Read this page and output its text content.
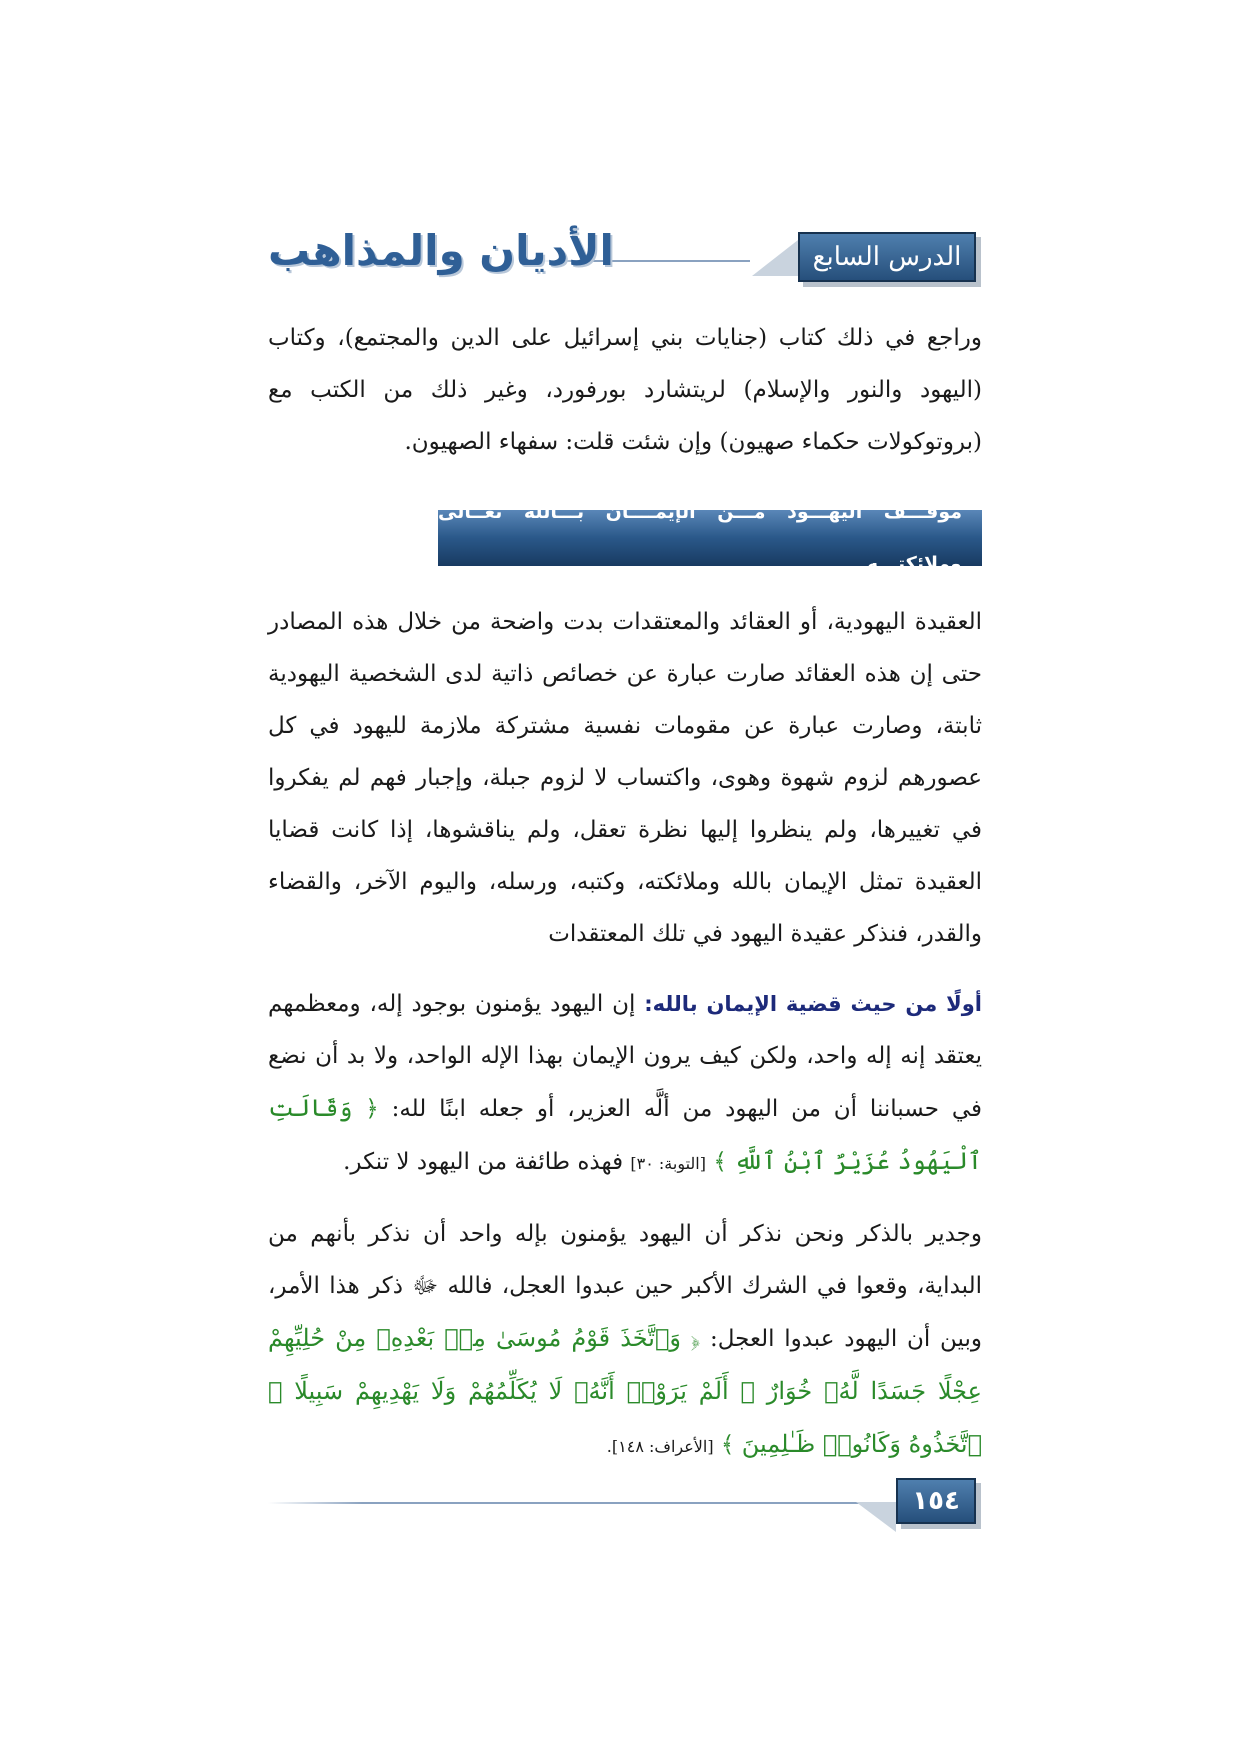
الدرس السابع
الأديان والمذاهب

وراجع في ذلك كتاب (جنايات بني إسرائيل على الدين والمجتمع)، وكتاب (اليهود والنور والإسلام) لريتشارد بورفورد، وغير ذلك من الكتب مع (بروتوكولات حكماء صهيون) وإن شئت قلت: سفهاء الصهيون.

موقـــف اليهـــود مـــن الإيمــــان بـــالله تعــالى وملائكتـــه

العقيدة اليهودية، أو العقائد والمعتقدات بدت واضحة من خلال هذه المصادر حتى إن هذه العقائد صارت عبارة عن خصائص ذاتية لدى الشخصية اليهودية ثابتة، وصارت عبارة عن مقومات نفسية مشتركة ملازمة لليهود في كل عصورهم لزوم شهوة وهوى، واكتساب لا لزوم جبلة، وإجبار فهم لم يفكروا في تغييرها، ولم ينظروا إليها نظرة تعقل، ولم يناقشوها، إذا كانت قضايا العقيدة تمثل الإيمان بالله وملائكته، وكتبه، ورسله، واليوم الآخر، والقضاء والقدر، فنذكر عقيدة اليهود في تلك المعتقدات

أولًا من حيث قضية الإيمان بالله: إن اليهود يؤمنون بوجود إله، ومعظمهم يعتقد إنه إله واحد، ولكن كيف يرون الإيمان بهذا الإله الواحد، ولا بد أن نضع في حسباننا أن من اليهود من ألَّه العزير، أو جعله ابنًا لله: ﴿ وَقَالَتِ ٱلْيَهُودُ عُزَيْرٌ ٱبْنُ ٱللَّهِ ﴾ [التوبة: ٣٠] فهذه طائفة من اليهود لا تنكر.

وجدير بالذكر ونحن نذكر أن اليهود يؤمنون بإله واحد أن نذكر بأنهم من البداية، وقعوا في الشرك الأكبر حين عبدوا العجل، فالله ﷻ ذكر هذا الأمر، وبين أن اليهود عبدوا العجل: ﴿ وَٱتَّخَذَ قَوْمُ مُوسَىٰ مِنۢ بَعْدِهِۦ مِنْ حُلِيِّهِمْ عِجْلًا جَسَدًا لَّهُۥ خُوَارٌ ۚ أَلَمْ يَرَوْا۟ أَنَّهُۥ لَا يُكَلِّمُهُمْ وَلَا يَهْدِيهِمْ سَبِيلًا ۘ ٱتَّخَذُوهُ وَكَانُوا۟ ظَـٰلِمِينَ ﴾ [الأعراف: ١٤٨].

١٥٤
